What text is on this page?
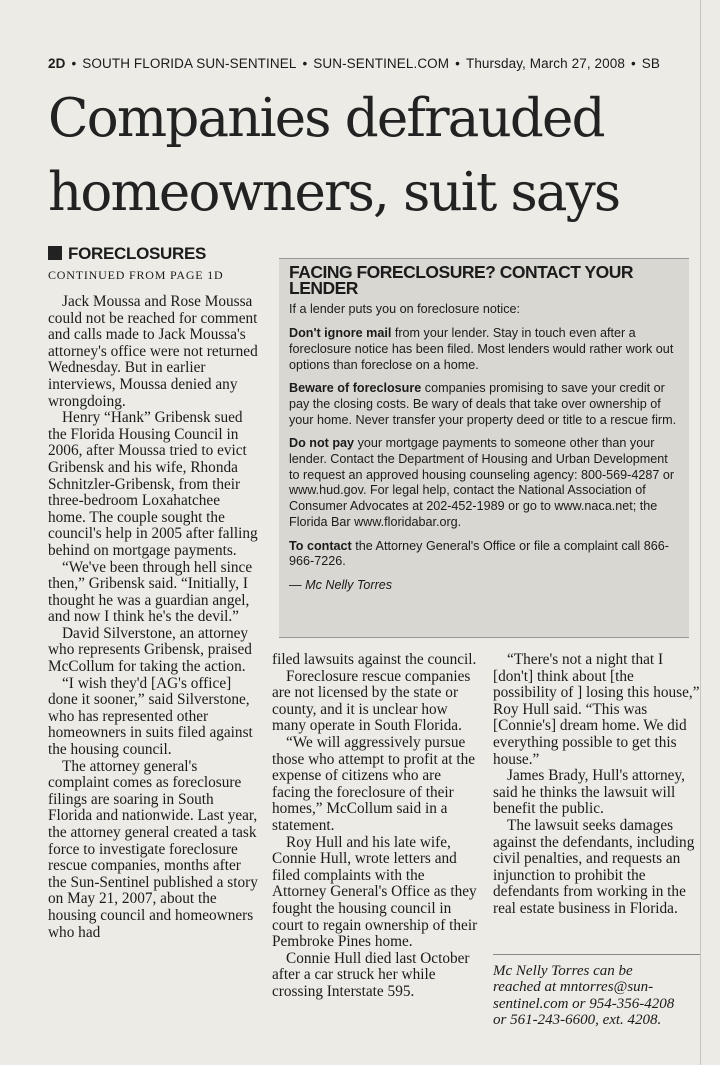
2D • SOUTH FLORIDA SUN-SENTINEL • SUN-SENTINEL.COM • Thursday, March 27, 2008 • SB
Companies defrauded
homeowners, suit says
FORECLOSURES
CONTINUED FROM PAGE 1D

Jack Moussa and Rose Moussa could not be reached for comment and calls made to Jack Moussa's attorney's office were not returned Wednesday. But in earlier interviews, Moussa denied any wrongdoing.

Henry “Hank” Gribensk sued the Florida Housing Council in 2006, after Moussa tried to evict Gribensk and his wife, Rhonda Schnitzler-Gribensk, from their three-bedroom Loxahatchee home. The couple sought the council's help in 2005 after falling behind on mortgage payments.

“We've been through hell since then,” Gribensk said. “Initially, I thought he was a guardian angel, and now I think he's the devil.”

David Silverstone, an attorney who represents Gribensk, praised McCollum for taking the action.

“I wish they'd [AG's office] done it sooner,” said Silverstone, who has represented other homeowners in suits filed against the housing council.

The attorney general's complaint comes as foreclosure filings are soaring in South Florida and nationwide. Last year, the attorney general created a task force to investigate foreclosure rescue companies, months after the Sun-Sentinel published a story on May 21, 2007, about the housing council and homeowners who had

FACING FORECLOSURE? CONTACT YOUR LENDER

If a lender puts you on foreclosure notice:

Don't ignore mail from your lender. Stay in touch even after a foreclosure notice has been filed. Most lenders would rather work out options than foreclose on a home.

Beware of foreclosure companies promising to save your credit or pay the closing costs. Be wary of deals that take over ownership of your home. Never transfer your property deed or title to a rescue firm.

Do not pay your mortgage payments to someone other than your lender. Contact the Department of Housing and Urban Development to request an approved housing counseling agency: 800-569-4287 or www.hud.gov. For legal help, contact the National Association of Consumer Advocates at 202-452-1989 or go to www.naca.net; the Florida Bar www.floridabar.org.

To contact the Attorney General's Office or file a complaint call 866-966-7226.

— Mc Nelly Torres

filed lawsuits against the council.

Foreclosure rescue companies are not licensed by the state or county, and it is unclear how many operate in South Florida.

“We will aggressively pursue those who attempt to profit at the expense of citizens who are facing the foreclosure of their homes,” McCollum said in a statement.

Roy Hull and his late wife, Connie Hull, wrote letters and filed complaints with the Attorney General's Office as they fought the housing council in court to regain ownership of their Pembroke Pines home.

Connie Hull died last October after a car struck her while crossing Interstate 595.

“There's not a night that I [don't] think about [the possibility of ] losing this house,” Roy Hull said. “This was [Connie's] dream home. We did everything possible to get this house.”

James Brady, Hull's attorney, said he thinks the lawsuit will benefit the public.

The lawsuit seeks damages against the defendants, including civil penalties, and requests an injunction to prohibit the defendants from working in the real estate business in Florida.

Mc Nelly Torres can be
reached at mntorres@sun-
sentinel.com or 954-356-4208
or 561-243-6600, ext. 4208.
